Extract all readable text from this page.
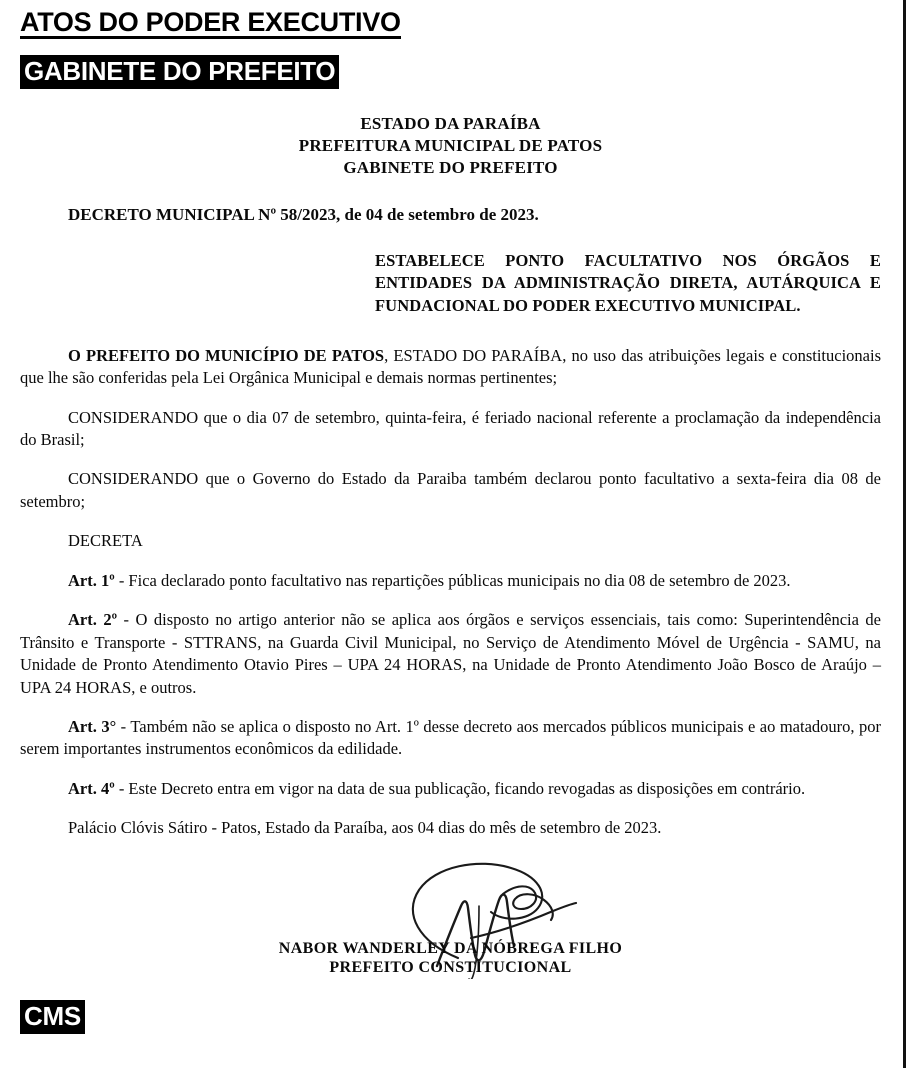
ATOS DO PODER EXECUTIVO
GABINETE DO PREFEITO
ESTADO DA PARAÍBA
PREFEITURA MUNICIPAL DE PATOS
GABINETE DO PREFEITO
DECRETO MUNICIPAL Nº 58/2023, de 04 de setembro de 2023.
ESTABELECE PONTO FACULTATIVO NOS ÓRGÃOS E ENTIDADES DA ADMINISTRAÇÃO DIRETA, AUTÁRQUICA E FUNDACIONAL DO PODER EXECUTIVO MUNICIPAL.

O PREFEITO DO MUNICÍPIO DE PATOS, ESTADO DO PARAÍBA, no uso das atribuições legais e constitucionais que lhe são conferidas pela Lei Orgânica Municipal e demais normas pertinentes;

CONSIDERANDO que o dia 07 de setembro, quinta-feira, é feriado nacional referente a proclamação da independência do Brasil;

CONSIDERANDO que o Governo do Estado da Paraiba também declarou ponto facultativo a sexta-feira dia 08 de setembro;

DECRETA

Art. 1º - Fica declarado ponto facultativo nas repartições públicas municipais no dia 08 de setembro de 2023.

Art. 2º - O disposto no artigo anterior não se aplica aos órgãos e serviços essenciais, tais como: Superintendência de Trânsito e Transporte - STTRANS, na Guarda Civil Municipal, no Serviço de Atendimento Móvel de Urgência - SAMU, na Unidade de Pronto Atendimento Otavio Pires – UPA 24 HORAS, na Unidade de Pronto Atendimento João Bosco de Araújo – UPA 24 HORAS, e outros.

Art. 3° - Também não se aplica o disposto no Art. 1º desse decreto aos mercados públicos municipais e ao matadouro, por serem importantes instrumentos econômicos da edilidade.

Art. 4º - Este Decreto entra em vigor na data de sua publicação, ficando revogadas as disposições em contrário.

Palácio Clóvis Sátiro - Patos, Estado da Paraíba, aos 04 dias do mês de setembro de 2023.

NABOR WANDERLEY DA NÓBREGA FILHO
PREFEITO CONSTITUCIONAL
CMS
